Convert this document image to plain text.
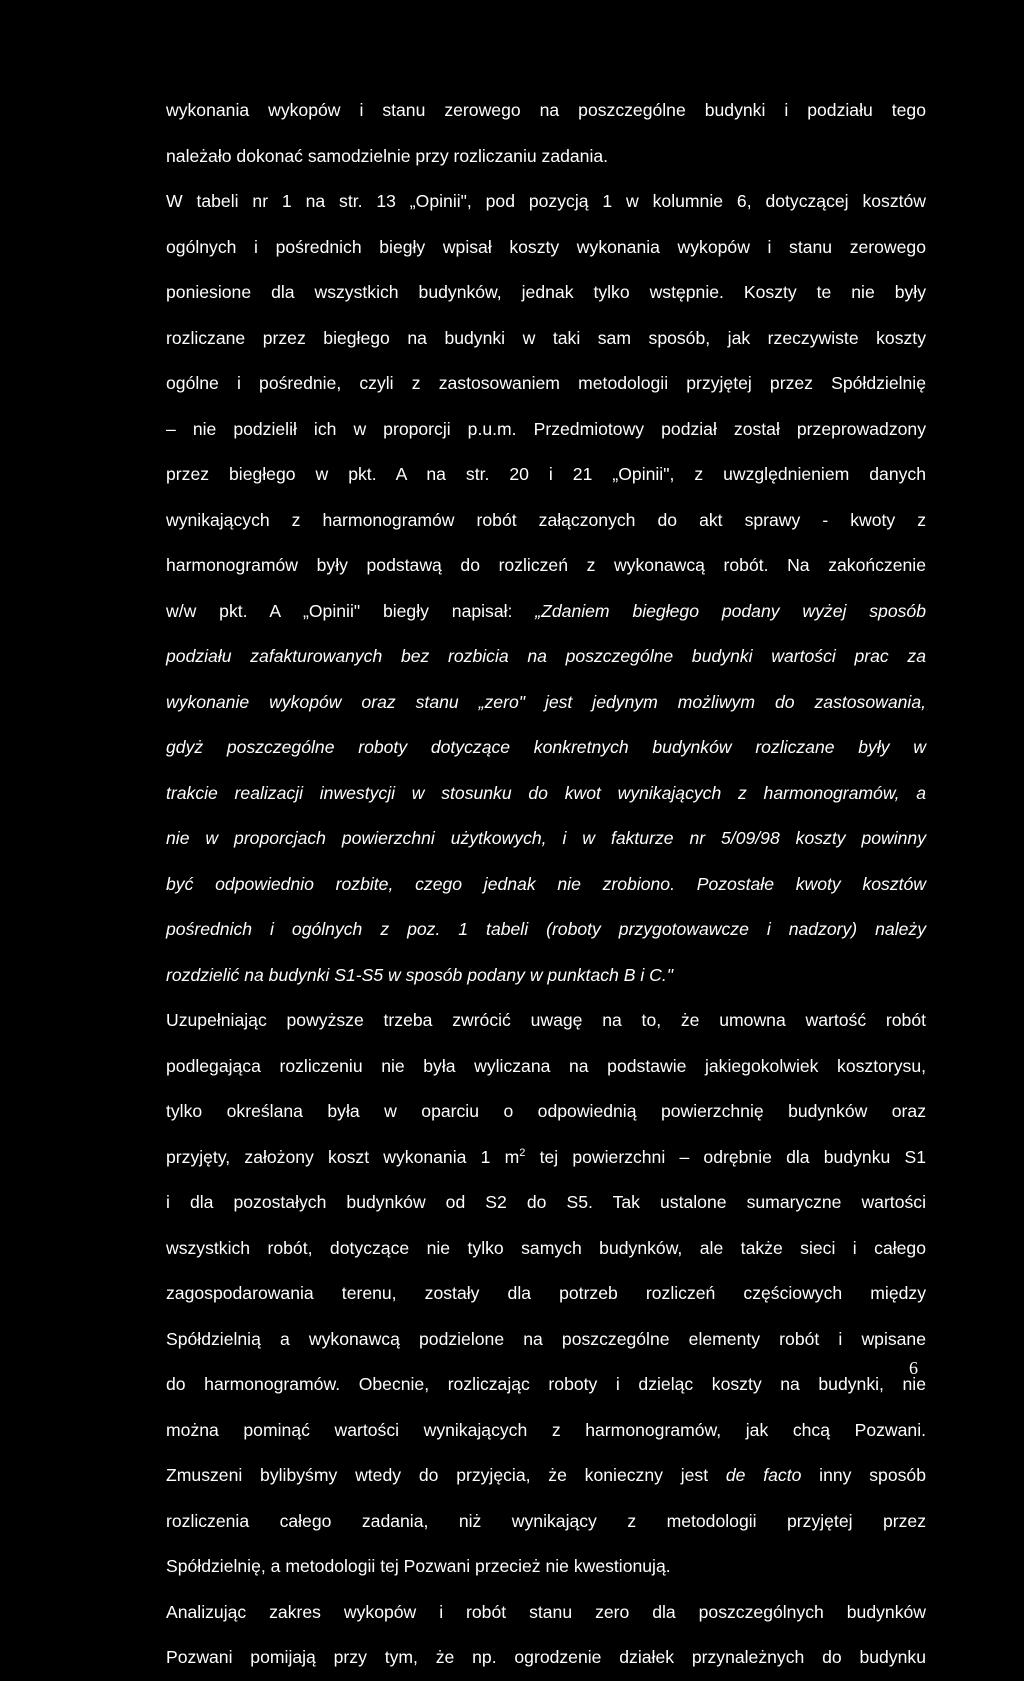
wykonania wykopów i stanu zerowego na poszczególne budynki i podziału tego
należało dokonać samodzielnie przy rozliczaniu zadania.
W tabeli nr 1 na str. 13 „Opinii", pod pozycją 1 w kolumnie 6, dotyczącej kosztów
ogólnych i pośrednich biegły wpisał koszty wykonania wykopów i stanu zerowego
poniesione dla wszystkich budynków, jednak tylko wstępnie. Koszty te nie były
rozliczane przez biegłego na budynki w taki sam sposób, jak rzeczywiste koszty
ogólne i pośrednie, czyli z zastosowaniem metodologii przyjętej przez Spółdzielnię
– nie podzielił ich w proporcji p.u.m. Przedmiotowy podział został przeprowadzony
przez biegłego w pkt. A na str. 20 i 21 „Opinii", z uwzględnieniem danych
wynikających z harmonogramów robót załączonych do akt sprawy - kwoty z
harmonogramów były podstawą do rozliczeń z wykonawcą robót. Na zakończenie
w/w pkt. A „Opinii" biegły napisał: „Zdaniem biegłego podany wyżej sposób
podziału zafakturowanych bez rozbicia na poszczególne budynki wartości prac za
wykonanie wykopów oraz stanu „zero" jest jedynym możliwym do zastosowania,
gdyż poszczególne roboty dotyczące konkretnych budynków rozliczane były w
trakcie realizacji inwestycji w stosunku do kwot wynikających z harmonogramów, a
nie w proporcjach powierzchni użytkowych, i w fakturze nr 5/09/98 koszty powinny
być odpowiednio rozbite, czego jednak nie zrobiono. Pozostałe kwoty kosztów
pośrednich i ogólnych z poz. 1 tabeli (roboty przygotowawcze i nadzory) należy
rozdzielić na budynki S1-S5 w sposób podany w punktach B i C."
Uzupełniając powyższe trzeba zwrócić uwagę na to, że umowna wartość robót
podlegająca rozliczeniu nie była wyliczana na podstawie jakiegokolwiek kosztorysu,
tylko określana była w oparciu o odpowiednią powierzchnię budynków oraz
przyjęty, założony koszt wykonania 1 $m^2$ tej powierzchni – odrębnie dla budynku S1
i dla pozostałych budynków od S2 do S5. Tak ustalone sumaryczne wartości
wszystkich robót, dotyczące nie tylko samych budynków, ale także sieci i całego
zagospodarowania terenu, zostały dla potrzeb rozliczeń częściowych między
Spółdzielnią a wykonawcą podzielone na poszczególne elementy robót i wpisane
do harmonogramów. Obecnie, rozliczając roboty i dzieląc koszty na budynki, nie
można pominąć wartości wynikających z harmonogramów, jak chcą Pozwani.
Zmuszeni bylibyśmy wtedy do przyjęcia, że konieczny jest de facto inny sposób
rozliczenia całego zadania, niż wynikający z metodologii przyjętej przez
Spółdzielnię, a metodologii tej Pozwani przecież nie kwestionują.
Analizując zakres wykopów i robót stanu zero dla poszczególnych budynków
Pozwani pomijają przy tym, że np. ogrodzenie działek przynależnych do budynku
6
